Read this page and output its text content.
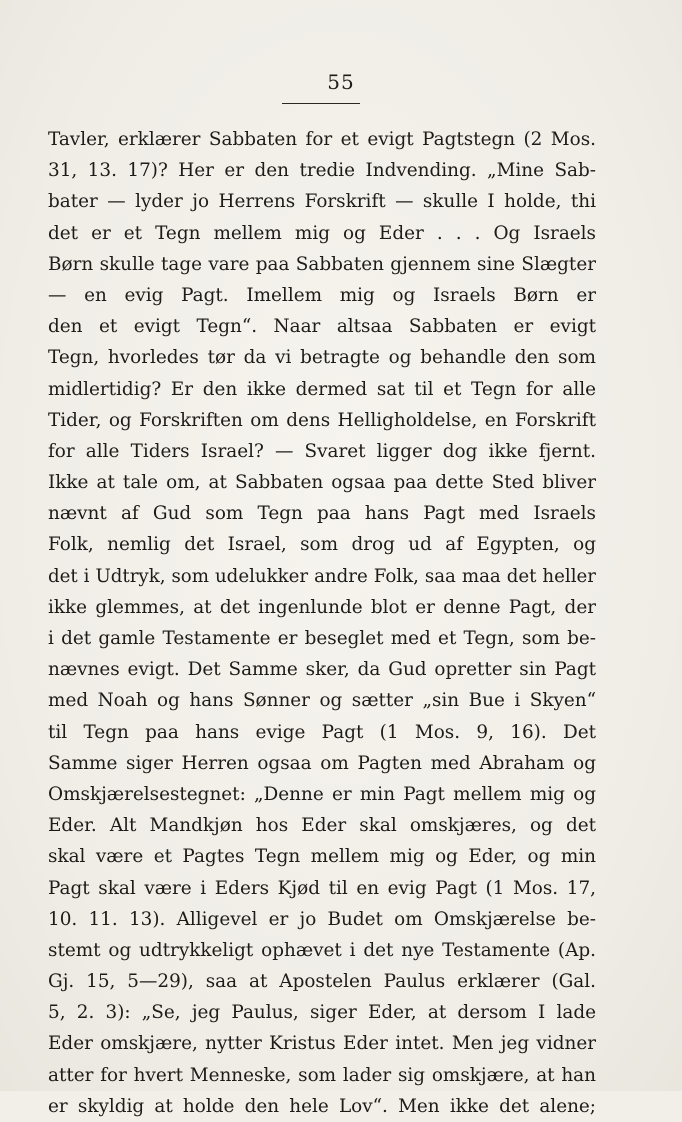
55
Tavler, erklærer Sabbaten for et evigt Pagtstegn (2 Mos.
31, 13. 17)? Her er den tredie Indvending. „Mine Sab-
bater — lyder jo Herrens Forskrift — skulle I holde, thi
det er et Tegn mellem mig og Eder . . . Og Israels
Børn skulle tage vare paa Sabbaten gjennem sine Slægter
— en evig Pagt. Imellem mig og Israels Børn er
den et evigt Tegn“. Naar altsaa Sabbaten er evigt
Tegn, hvorledes tør da vi betragte og behandle den som
midlertidig? Er den ikke dermed sat til et Tegn for alle
Tider, og Forskriften om dens Helligholdelse, en Forskrift
for alle Tiders Israel? — Svaret ligger dog ikke fjernt.
Ikke at tale om, at Sabbaten ogsaa paa dette Sted bliver
nævnt af Gud som Tegn paa hans Pagt med Israels
Folk, nemlig det Israel, som drog ud af Egypten, og
det i Udtryk, som udelukker andre Folk, saa maa det heller
ikke glemmes, at det ingenlunde blot er denne Pagt, der
i det gamle Testamente er beseglet med et Tegn, som be-
nævnes evigt. Det Samme sker, da Gud opretter sin Pagt
med Noah og hans Sønner og sætter „sin Bue i Skyen“
til Tegn paa hans evige Pagt (1 Mos. 9, 16). Det
Samme siger Herren ogsaa om Pagten med Abraham og
Omskjærelsestegnet: „Denne er min Pagt mellem mig og
Eder. Alt Mandkjøn hos Eder skal omskjæres, og det
skal være et Pagtes Tegn mellem mig og Eder, og min
Pagt skal være i Eders Kjød til en evig Pagt (1 Mos. 17,
10. 11. 13). Alligevel er jo Budet om Omskjærelse be-
stemt og udtrykkeligt ophævet i det nye Testamente (Ap.
Gj. 15, 5—29), saa at Apostelen Paulus erklærer (Gal.
5, 2. 3): „Se, jeg Paulus, siger Eder, at dersom I lade
Eder omskjære, nytter Kristus Eder intet. Men jeg vidner
atter for hvert Menneske, som lader sig omskjære, at han
er skyldig at holde den hele Lov“. Men ikke det alene;
